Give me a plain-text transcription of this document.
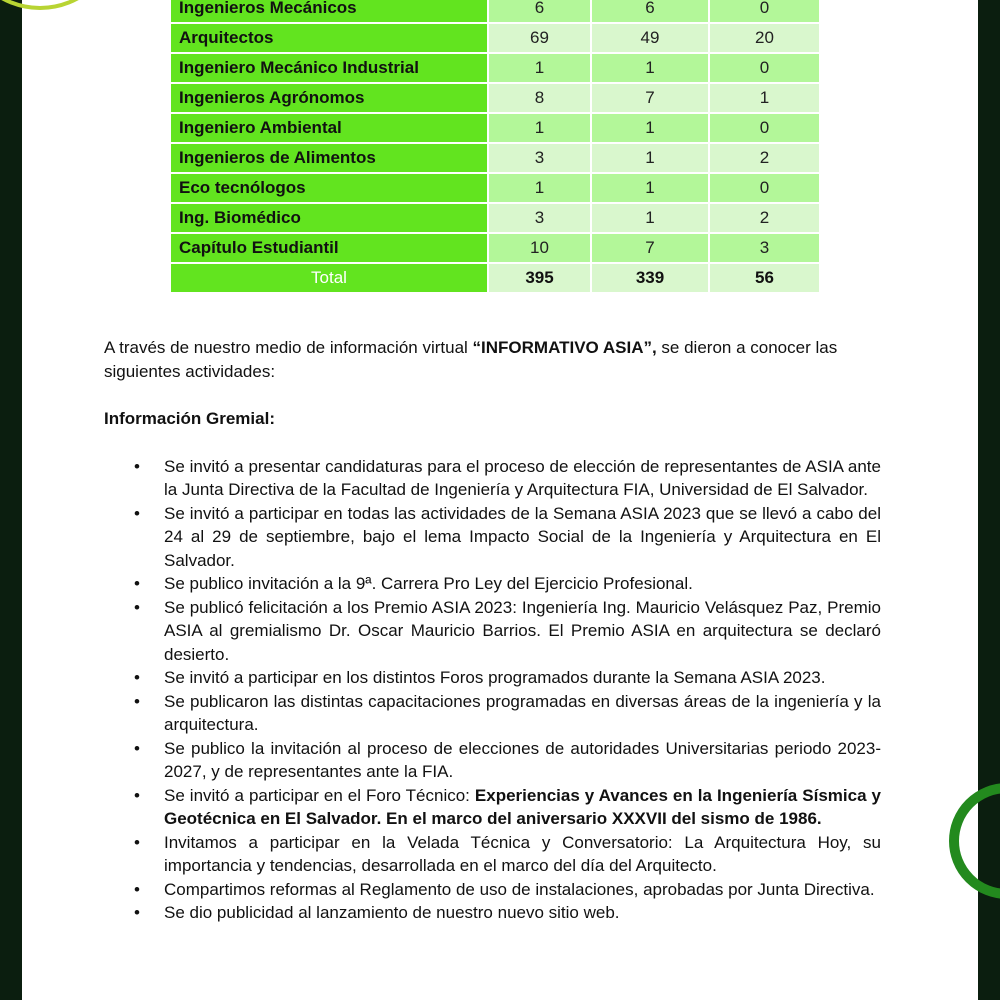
Ingenieros Mecánicos	6	6	0
Arquitectos	69	49	20
Ingeniero Mecánico Industrial	1	1	0
Ingenieros Agrónomos	8	7	1
Ingeniero Ambiental	1	1	0
Ingenieros de Alimentos	3	1	2
Eco tecnólogos	1	1	0
Ing. Biomédico	3	1	2
Capítulo Estudiantil	10	7	3
Total	395	339	56

A través de nuestro medio de información virtual “INFORMATIVO ASIA”, se dieron a conocer las siguientes actividades:

Información Gremial:

• Se invitó a presentar candidaturas para el proceso de elección de representantes de ASIA ante la Junta Directiva de la Facultad de Ingeniería y Arquitectura FIA, Universidad de El Salvador.
• Se invitó a participar en todas las actividades de la Semana ASIA 2023 que se llevó a cabo del 24 al 29 de septiembre, bajo el lema Impacto Social de la Ingeniería y Arquitectura en El Salvador.
• Se publico invitación a la 9ª. Carrera Pro Ley del Ejercicio Profesional.
• Se publicó felicitación a los Premio ASIA 2023: Ingeniería Ing. Mauricio Velásquez Paz, Premio ASIA al gremialismo Dr. Oscar Mauricio Barrios. El Premio ASIA en arquitectura se declaró desierto.
• Se invitó a participar en los distintos Foros programados durante la Semana ASIA 2023.
• Se publicaron las distintas capacitaciones programadas en diversas áreas de la ingeniería y la arquitectura.
• Se publico la invitación al proceso de elecciones de autoridades Universitarias periodo 2023-2027, y de representantes ante la FIA.
• Se invitó a participar en el Foro Técnico: Experiencias y Avances en la Ingeniería Sísmica y Geotécnica en El Salvador. En el marco del aniversario XXXVII del sismo de 1986.
• Invitamos a participar en la Velada Técnica y Conversatorio: La Arquitectura Hoy, su importancia y tendencias, desarrollada en el marco del día del Arquitecto.
• Compartimos reformas al Reglamento de uso de instalaciones, aprobadas por Junta Directiva.
• Se dio publicidad al lanzamiento de nuestro nuevo sitio web.
